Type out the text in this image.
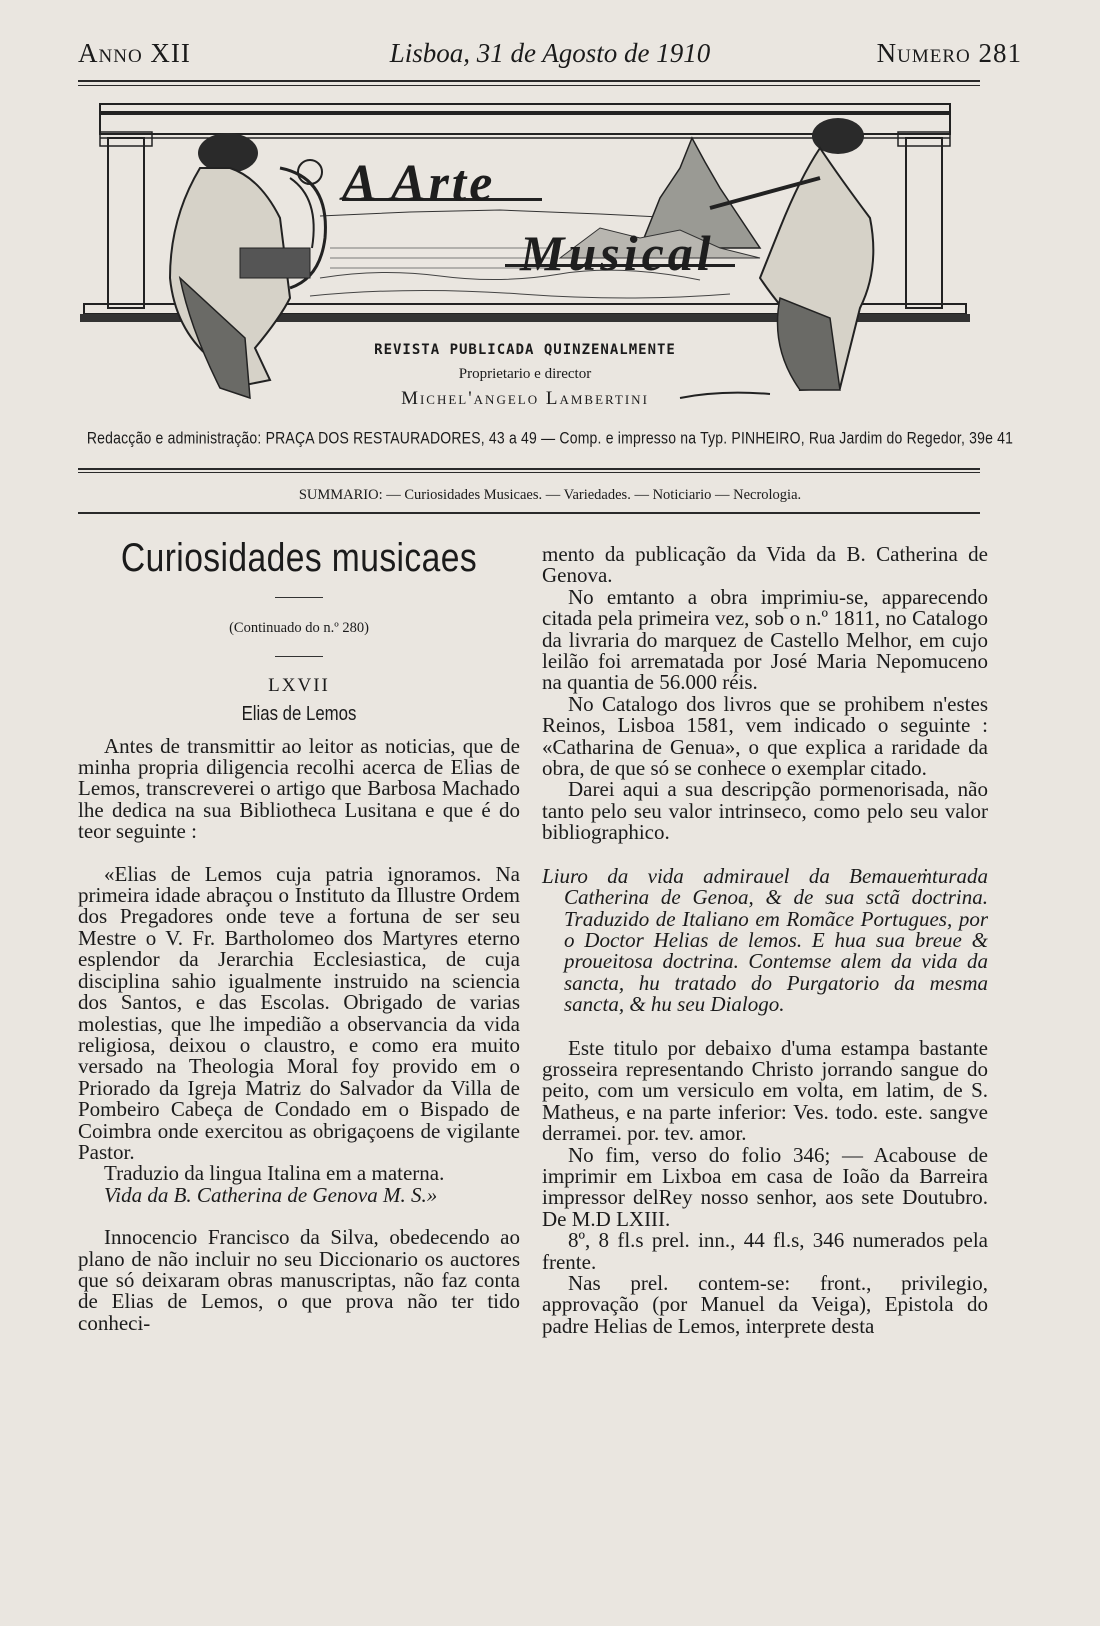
Anno XII	Lisboa, 31 de Agosto de 1910	Numero 281
A Arte
Musical
REVISTA PUBLICADA QUINZENALMENTE
Proprietario e director
Michel'angelo Lambertini
Redacção e administração: PRAÇA DOS RESTAURADORES, 43 a 49 — Comp. e impresso na Typ. PINHEIRO, Rua Jardim do Regedor, 39e 41
SUMMARIO: — Curiosidades Musicaes. — Variedades. — Noticiario — Necrologia.

Curiosidades musicaes

(Continuado do n.º 280)

LXVII

Elias de Lemos

Antes de transmittir ao leitor as noticias, que de minha propria diligencia recolhi acerca de Elias de Lemos, transcreverei o artigo que Barbosa Machado lhe dedica na sua Bibliotheca Lusitana e que é do teor seguinte :

«Elias de Lemos cuja patria ignoramos. Na primeira idade abraçou o Instituto da Illustre Ordem dos Pregadores onde teve a fortuna de ser seu Mestre o V. Fr. Bartholomeo dos Martyres eterno esplendor da Jerarchia Ecclesiastica, de cuja disciplina sahio igualmente instruido na sciencia dos Santos, e das Escolas. Obrigado de varias molestias, que lhe impedião a observancia da vida religiosa, deixou o claustro, e como era muito versado na Theologia Moral foy provido em o Priorado da Igreja Matriz do Salvador da Villa de Pombeiro Cabeça de Condado em o Bispado de Coimbra onde exercitou as obrigaçoens de vigilante Pastor.

Traduzio da lingua Italina em a materna.

Vida da B. Catherina de Genova M. S.»

Innocencio Francisco da Silva, obedecendo ao plano de não incluir no seu Diccionario os auctores que só deixaram obras manuscriptas, não faz conta de Elias de Lemos, o que prova não ter tido conheci-

mento da publicação da Vida da B. Catherina de Genova.

No emtanto a obra imprimiu-se, apparecendo citada pela primeira vez, sob o n.º 1811, no Catalogo da livraria do marquez de Castello Melhor, em cujo leilão foi arrematada por José Maria Nepomuceno na quantia de 56.000 réis.

No Catalogo dos livros que se prohibem n'estes Reinos, Lisboa 1581, vem indicado o seguinte : «Catharina de Genua», o que explica a raridade da obra, de que só se conhece o exemplar citado.

Darei aqui a sua descripção pormenorisada, não tanto pelo seu valor intrinseco, como pelo seu valor bibliographico.

Liuro da vida admirauel da Bemaueṁturada Catherina de Genoa, & de sua sctã doctrina. Traduzido de Italiano em Romãce Portugues, por o Doctor Helias de lemos. E hua sua breue & proueitosa doctrina. Contemse alem da vida da sancta, hu tratado do Purgatorio da mesma sancta, & hu seu Dialogo.

Este titulo por debaixo d'uma estampa bastante grosseira representando Christo jorrando sangue do peito, com um versiculo em volta, em latim, de S. Matheus, e na parte inferior: Ves. todo. este. sangve derramei. por. tev. amor.

No fim, verso do folio 346; — Acabouse de imprimir em Lixboa em casa de Ioão da Barreira impressor delRey nosso senhor, aos sete Doutubro. De M.D LXIII.

8º, 8 fl.s prel. inn., 44 fl.s, 346 numerados pela frente.

Nas prel. contem-se: front., privilegio, approvação (por Manuel da Veiga), Epistola do padre Helias de Lemos, interprete desta
